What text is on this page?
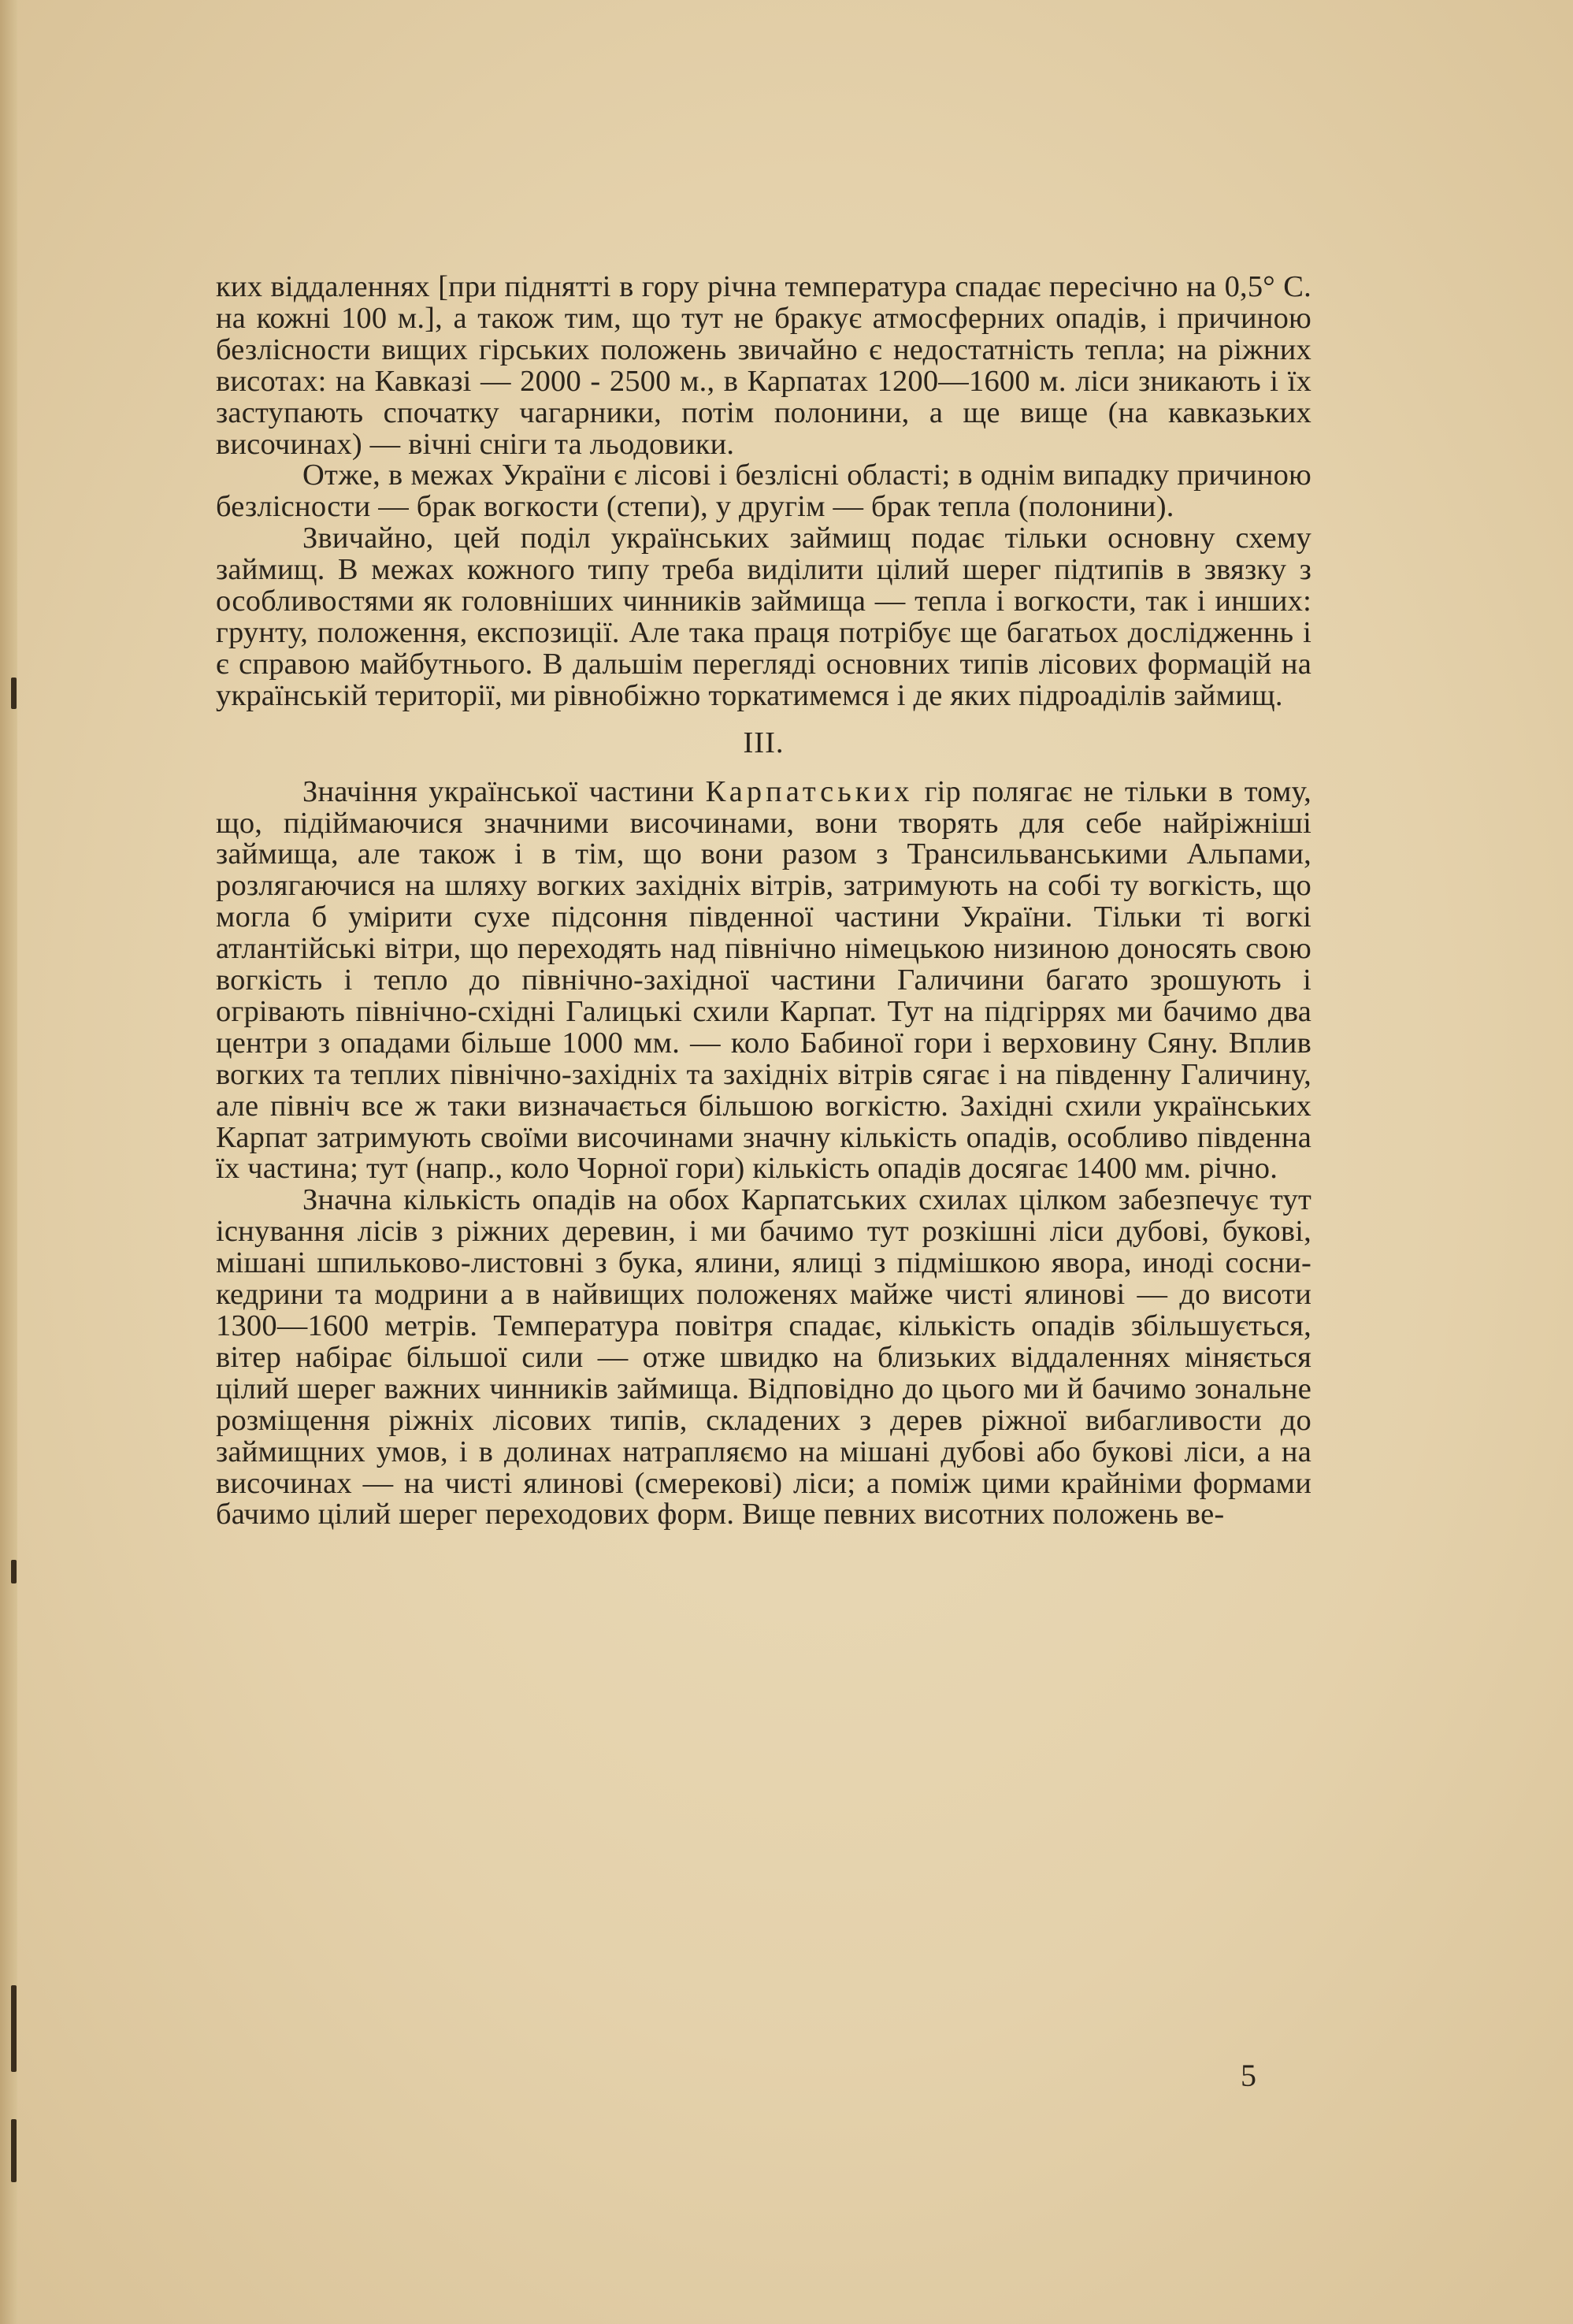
ких віддаленнях [при піднятті в гору річна температура спадає пересічно на 0,5° С. на кожні 100 м.], а також тим, що тут не бракує атмосферних опадів, і причиною безлісности вищих гірських положень звичайно є недостатність тепла; на ріжних висотах: на Кавказі — 2000 - 2500 м., в Карпатах 1200—1600 м. ліси зникають і їх заступають спочатку чагарники, потім полонини, а ще вище (на кавказьких височинах) — вічні сніги та льодовики.

Отже, в межах України є лісові і безлісні області; в однім випадку причиною безлісности — брак вогкости (степи), у другім — брак тепла (полонини).

Звичайно, цей поділ українських займищ подає тільки основну схему займищ. В межах кожного типу треба виділити цілий шерег підтипів в звязку з особливостями як головніших чинників займища — тепла і вогкости, так і инших: грунту, положення, експозиції. Але така праця потрібує ще багатьох дослідженнь і є справою майбутнього. В дальшім перегляді основних типів лісових формацій на українській території, ми рівнобіжно торкатимемся і де яких підроаділів займищ.

III.

Значіння української частини Карпатських гір полягає не тільки в тому, що, підіймаючися значними височинами, вони творять для себе найріжніші займища, але також і в тім, що вони разом з Трансильванськими Альпами, розлягаючися на шляху вогких західніх вітрів, затримують на собі ту вогкість, що могла б умірити сухе підсоння південної частини України. Тільки ті вогкі атлантійські вітри, що переходять над північно німецькою низиною доносять свою вогкість і тепло до північно-західної частини Галичини багато зрошують і огрівають північно-східні Галицькі схили Карпат. Тут на підгіррях ми бачимо два центри з опадами більше 1000 мм. — коло Бабиної гори і верховину Сяну. Вплив вогких та теплих північно-західніх та західніх вітрів сягає і на південну Галичину, але північ все ж таки визначається більшою вогкістю. Західні схили українських Карпат затримують своїми височинами значну кількість опадів, особливо південна їх частина; тут (напр., коло Чорної гори) кількість опадів досягає 1400 мм. річно.

Значна кількість опадів на обох Карпатських схилах цілком забезпечує тут існування лісів з ріжних деревин, і ми бачимо тут розкішні ліси дубові, букові, мішані шпильково-листовні з бука, ялини, ялиці з підмішкою явора, иноді сосни-кедрини та модрини а в найвищих положенях майже чисті ялинові — до висоти 1300—1600 метрів. Температура повітря спадає, кількість опадів збільшується, вітер набірає більшої сили — отже швидко на близьких віддаленнях міняється цілий шерег важних чинників займища. Відповідно до цього ми й бачимо зональне розміщення ріжніх лісових типів, складених з дерев ріжної вибагливости до займищних умов, і в долинах натрапляємо на мішані дубові або букові ліси, а на височинах — на чисті ялинові (смерекові) ліси; а поміж цими крайніми формами бачимо цілий шерег переходових форм. Вище певних висотних положень ве-

5
